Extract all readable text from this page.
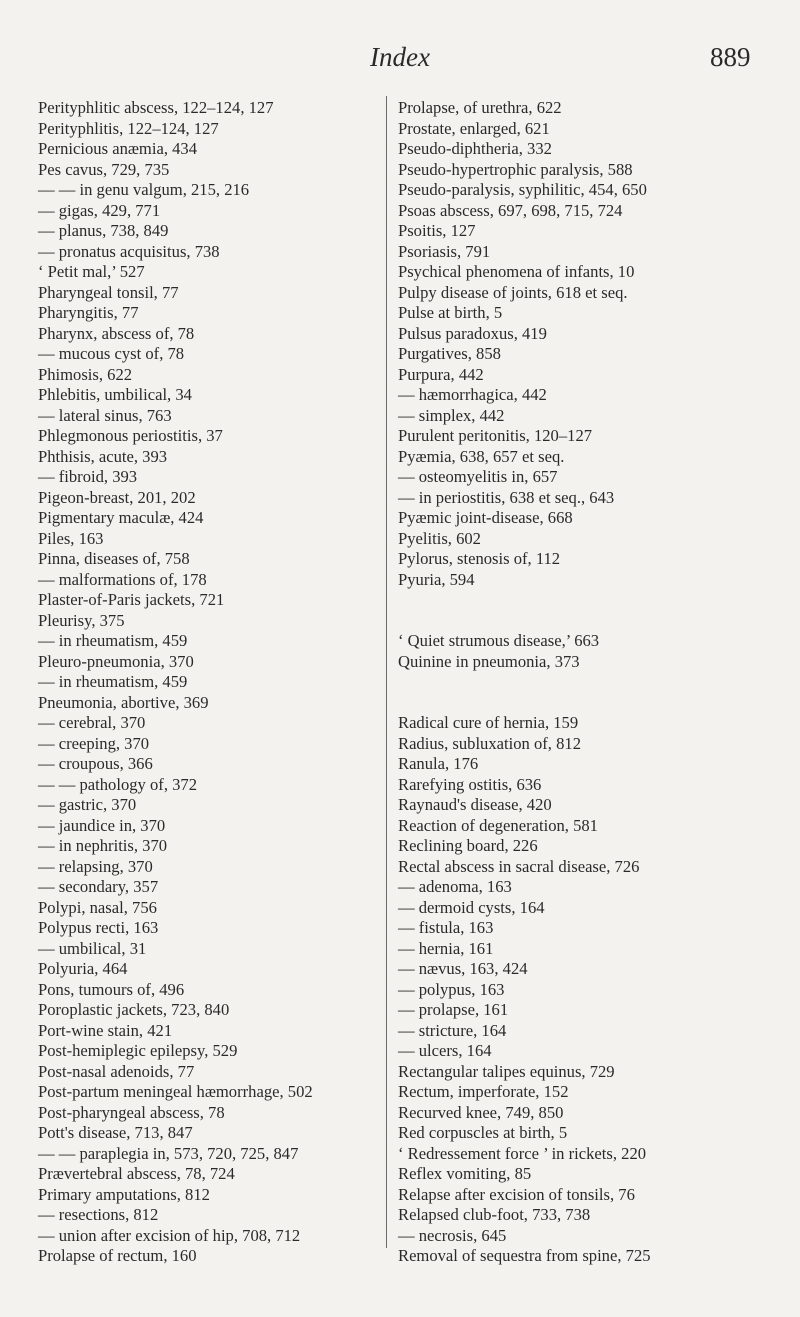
Index	889
Perityphlitic abscess, 122–124, 127
Perityphlitis, 122–124, 127
Pernicious anæmia, 434
Pes cavus, 729, 735
— — in genu valgum, 215, 216
— gigas, 429, 771
— planus, 738, 849
— pronatus acquisitus, 738
‘ Petit mal,’ 527
Pharyngeal tonsil, 77
Pharyngitis, 77
Pharynx, abscess of, 78
— mucous cyst of, 78
Phimosis, 622
Phlebitis, umbilical, 34
— lateral sinus, 763
Phlegmonous periostitis, 37
Phthisis, acute, 393
— fibroid, 393
Pigeon-breast, 201, 202
Pigmentary maculæ, 424
Piles, 163
Pinna, diseases of, 758
— malformations of, 178
Plaster-of-Paris jackets, 721
Pleurisy, 375
— in rheumatism, 459
Pleuro-pneumonia, 370
— in rheumatism, 459
Pneumonia, abortive, 369
— cerebral, 370
— creeping, 370
— croupous, 366
— — pathology of, 372
— gastric, 370
— jaundice in, 370
— in nephritis, 370
— relapsing, 370
— secondary, 357
Polypi, nasal, 756
Polypus recti, 163
— umbilical, 31
Polyuria, 464
Pons, tumours of, 496
Poroplastic jackets, 723, 840
Port-wine stain, 421
Post-hemiplegic epilepsy, 529
Post-nasal adenoids, 77
Post-partum meningeal hæmorrhage, 502
Post-pharyngeal abscess, 78
Pott's disease, 713, 847
— — paraplegia in, 573, 720, 725, 847
Prævertebral abscess, 78, 724
Primary amputations, 812
— resections, 812
— union after excision of hip, 708, 712
Prolapse of rectum, 160
Prolapse, of urethra, 622
Prostate, enlarged, 621
Pseudo-diphtheria, 332
Pseudo-hypertrophic paralysis, 588
Pseudo-paralysis, syphilitic, 454, 650
Psoas abscess, 697, 698, 715, 724
Psoitis, 127
Psoriasis, 791
Psychical phenomena of infants, 10
Pulpy disease of joints, 618 et seq.
Pulse at birth, 5
Pulsus paradoxus, 419
Purgatives, 858
Purpura, 442
— hæmorrhagica, 442
— simplex, 442
Purulent peritonitis, 120–127
Pyæmia, 638, 657 et seq.
— osteomyelitis in, 657
— in periostitis, 638 et seq., 643
Pyæmic joint-disease, 668
Pyelitis, 602
Pylorus, stenosis of, 112
Pyuria, 594
‘ Quiet strumous disease,’ 663
Quinine in pneumonia, 373
Radical cure of hernia, 159
Radius, subluxation of, 812
Ranula, 176
Rarefying ostitis, 636
Raynaud's disease, 420
Reaction of degeneration, 581
Reclining board, 226
Rectal abscess in sacral disease, 726
— adenoma, 163
— dermoid cysts, 164
— fistula, 163
— hernia, 161
— nævus, 163, 424
— polypus, 163
— prolapse, 161
— stricture, 164
— ulcers, 164
Rectangular talipes equinus, 729
Rectum, imperforate, 152
Recurved knee, 749, 850
Red corpuscles at birth, 5
‘ Redressement force ’ in rickets, 220
Reflex vomiting, 85
Relapse after excision of tonsils, 76
Relapsed club-foot, 733, 738
— necrosis, 645
Removal of sequestra from spine, 725
